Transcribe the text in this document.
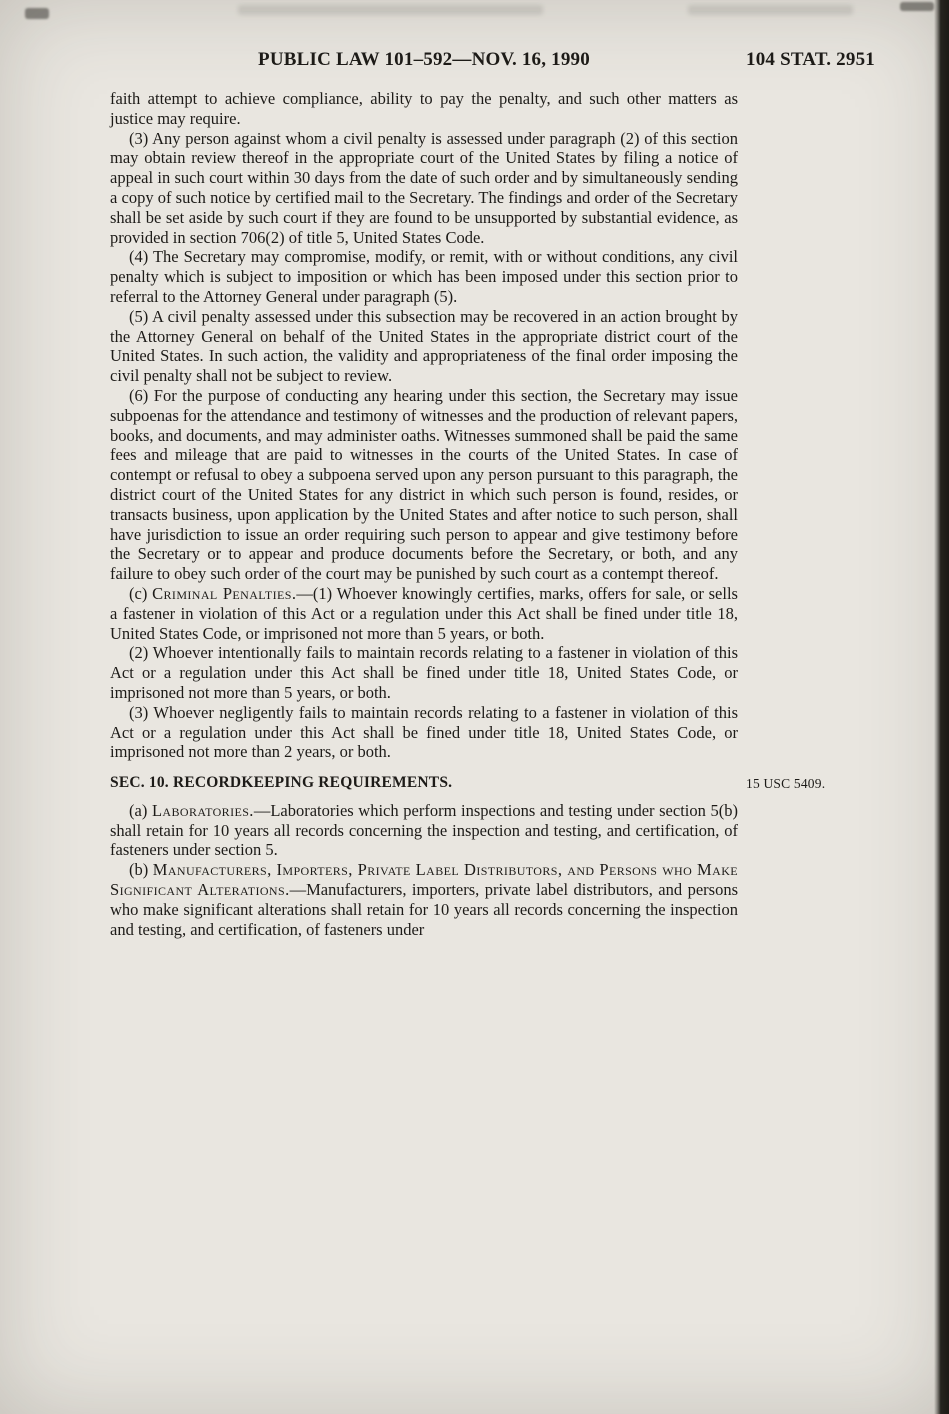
PUBLIC LAW 101–592—NOV. 16, 1990	104 STAT. 2951

faith attempt to achieve compliance, ability to pay the penalty, and such other matters as justice may require.

(3) Any person against whom a civil penalty is assessed under paragraph (2) of this section may obtain review thereof in the appropriate court of the United States by filing a notice of appeal in such court within 30 days from the date of such order and by simultaneously sending a copy of such notice by certified mail to the Secretary. The findings and order of the Secretary shall be set aside by such court if they are found to be unsupported by substantial evidence, as provided in section 706(2) of title 5, United States Code.

(4) The Secretary may compromise, modify, or remit, with or without conditions, any civil penalty which is subject to imposition or which has been imposed under this section prior to referral to the Attorney General under paragraph (5).

(5) A civil penalty assessed under this subsection may be recovered in an action brought by the Attorney General on behalf of the United States in the appropriate district court of the United States. In such action, the validity and appropriateness of the final order imposing the civil penalty shall not be subject to review.

(6) For the purpose of conducting any hearing under this section, the Secretary may issue subpoenas for the attendance and testimony of witnesses and the production of relevant papers, books, and documents, and may administer oaths. Witnesses summoned shall be paid the same fees and mileage that are paid to witnesses in the courts of the United States. In case of contempt or refusal to obey a subpoena served upon any person pursuant to this paragraph, the district court of the United States for any district in which such person is found, resides, or transacts business, upon application by the United States and after notice to such person, shall have jurisdiction to issue an order requiring such person to appear and give testimony before the Secretary or to appear and produce documents before the Secretary, or both, and any failure to obey such order of the court may be punished by such court as a contempt thereof.

(c) Criminal Penalties.—(1) Whoever knowingly certifies, marks, offers for sale, or sells a fastener in violation of this Act or a regulation under this Act shall be fined under title 18, United States Code, or imprisoned not more than 5 years, or both.

(2) Whoever intentionally fails to maintain records relating to a fastener in violation of this Act or a regulation under this Act shall be fined under title 18, United States Code, or imprisoned not more than 5 years, or both.

(3) Whoever negligently fails to maintain records relating to a fastener in violation of this Act or a regulation under this Act shall be fined under title 18, United States Code, or imprisoned not more than 2 years, or both.

SEC. 10. RECORDKEEPING REQUIREMENTS.	15 USC 5409.

(a) Laboratories.—Laboratories which perform inspections and testing under section 5(b) shall retain for 10 years all records concerning the inspection and testing, and certification, of fasteners under section 5.

(b) Manufacturers, Importers, Private Label Distributors, and Persons who Make Significant Alterations.—Manufacturers, importers, private label distributors, and persons who make significant alterations shall retain for 10 years all records concerning the inspection and testing, and certification, of fasteners under
